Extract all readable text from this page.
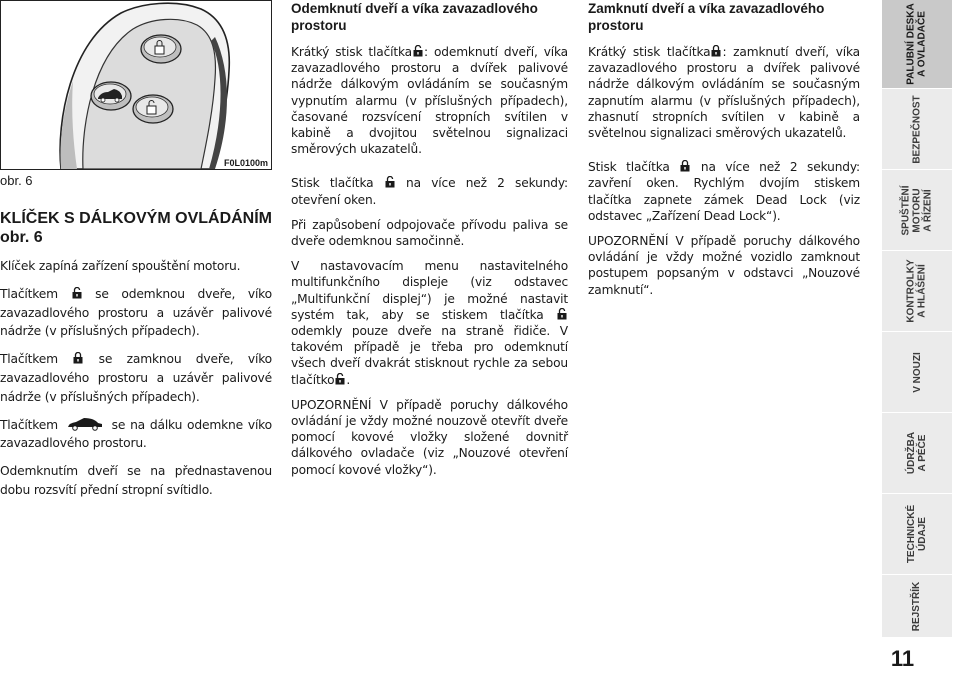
F0L0100m
obr. 6
KLÍČEK S DÁLKOVÝM OVLÁDÁNÍM obr. 6

Klíček zapíná zařízení spouštění motoru.

Tlačítkem	se odemknou dveře, víko zavazadlového prostoru a uzávěr palivové nádrže (v příslušných případech).

Tlačítkem	se zamknou dveře, víko zavazadlového prostoru a uzávěr palivové nádrže (v příslušných případech).

Tlačítkem	se na dálku odemkne víko zavazadlového prostoru.

Odemknutím dveří se na přednastavenou dobu rozsvítí přední stropní svítidlo.

Odemknutí dveří a víka zavazadlového prostoru

Krátký stisk tlačítka : odemknutí dveří, víka zavazadlového prostoru a dvířek palivové nádrže dálkovým ovládáním se současným vypnutím alarmu (v příslušných případech), časované rozsvícení stropních svítilen v kabině a dvojitou světelnou signalizaci směrových ukazatelů.

Stisk tlačítka	na více než 2 sekundy: otevření oken.

Při zapůsobení odpojovače přívodu paliva se dveře odemknou samočinně.

V nastavovacím menu nastavitelného multifunkčního displeje (viz odstavec „Multifunkční displej“) je možné nastavit systém tak, aby se stiskem tlačítka  odemkly pouze dveře na straně řidiče. V takovém případě je třeba pro odemknutí všech dveří dvakrát stisknout rychle za sebou tlačítko .

UPOZORNĚNÍ V případě poruchy dálkového ovládání je vždy možné nouzově otevřít dveře pomocí kovové vložky složené dovnitř dálkového ovladače (viz „Nouzové otevření pomocí kovové vložky“).

Zamknutí dveří a víka zavazadlového prostoru

Krátký stisk tlačítka : zamknutí dveří, víka zavazadlového prostoru a dvířek palivové nádrže dálkovým ovládáním se současným zapnutím alarmu (v příslušných případech), zhasnutí stropních svítilen v kabině a světelnou signalizaci směrových ukazatelů.

Stisk tlačítka	na více než 2 sekundy: zavření oken. Rychlým dvojím stiskem tlačítka zapnete zámek Dead Lock (viz odstavec „Zařízení Dead Lock“).

UPOZORNĚNÍ V případě poruchy dálkového ovládání je vždy možné vozidlo zamknout postupem popsaným v odstavci „Nouzové zamknutí“.

PALUBNÍ DESKA
A OVLADAČE
BEZPEČNOST
SPUŠTĚNÍ
MOTORU
A ŘÍZENÍ
KONTROLKY
A HLÁŠENÍ
V NOUZI
ÚDRŽBA
A PÉČE
TECHNICKÉ
ÚDAJE
REJSTŘÍK
11
